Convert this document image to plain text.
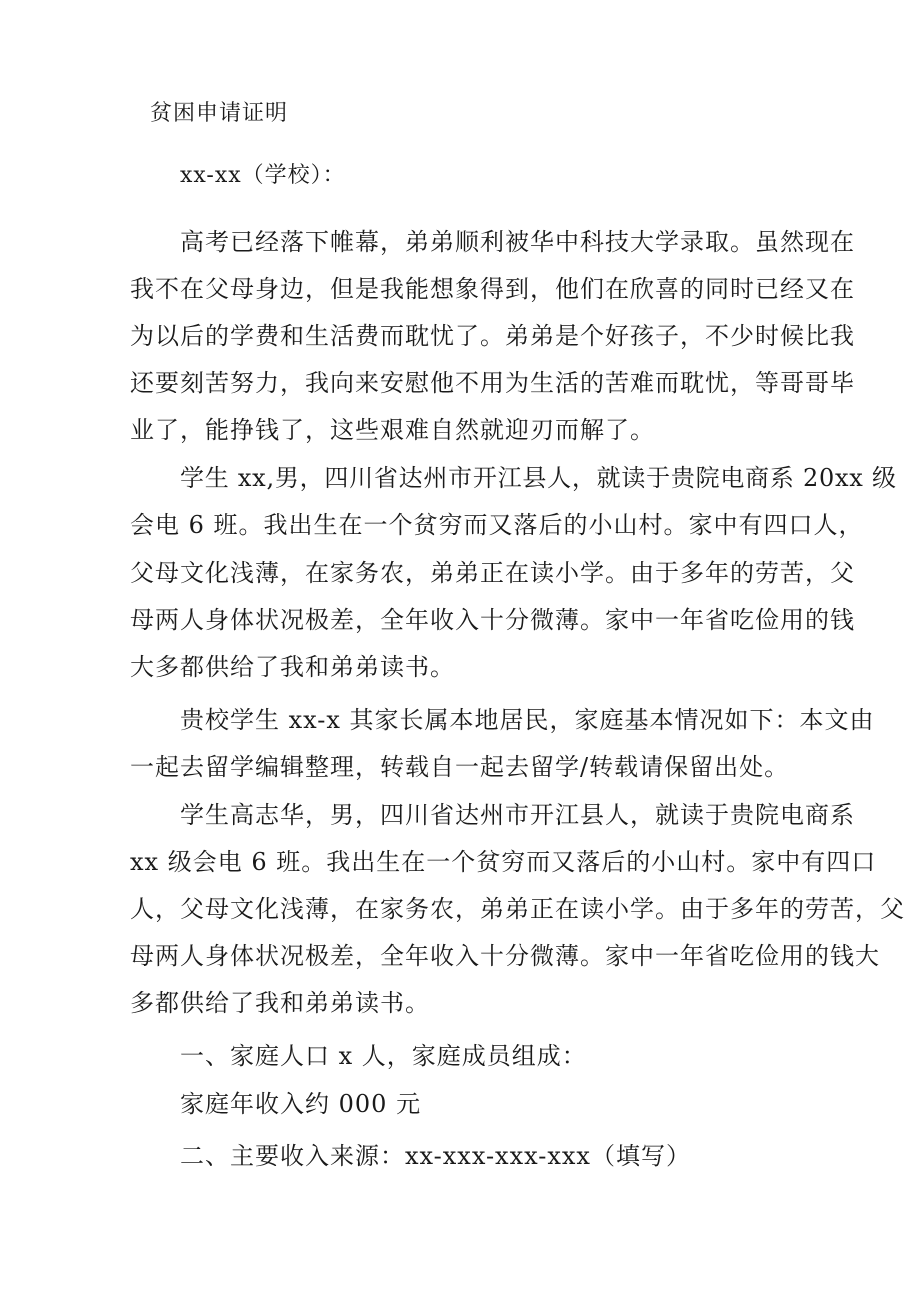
贫困申请证明
xx-xx（学校）：
高考已经落下帷幕，弟弟顺利被华中科技大学录取。虽然现在
我不在父母身边，但是我能想象得到，他们在欣喜的同时已经又在
为以后的学费和生活费而耽忧了。弟弟是个好孩子，不少时候比我
还要刻苦努力，我向来安慰他不用为生活的苦难而耽忧，等哥哥毕
业了，能挣钱了，这些艰难自然就迎刃而解了。
学生 xx,男，四川省达州市开江县人，就读于贵院电商系 20xx 级
会电 6 班。我出生在一个贫穷而又落后的小山村。家中有四口人，
父母文化浅薄，在家务农，弟弟正在读小学。由于多年的劳苦，父
母两人身体状况极差，全年收入十分微薄。家中一年省吃俭用的钱
大多都供给了我和弟弟读书。
贵校学生 xx-x 其家长属本地居民，家庭基本情况如下：本文由
一起去留学编辑整理，转载自一起去留学/转载请保留出处。
学生高志华，男，四川省达州市开江县人，就读于贵院电商系
xx 级会电 6 班。我出生在一个贫穷而又落后的小山村。家中有四口
人，父母文化浅薄，在家务农，弟弟正在读小学。由于多年的劳苦，父
母两人身体状况极差，全年收入十分微薄。家中一年省吃俭用的钱大
多都供给了我和弟弟读书。
一、家庭人口 x 人，家庭成员组成：
家庭年收入约 000 元
二、主要收入来源：xx-xxx-xxx-xxx（填写）
